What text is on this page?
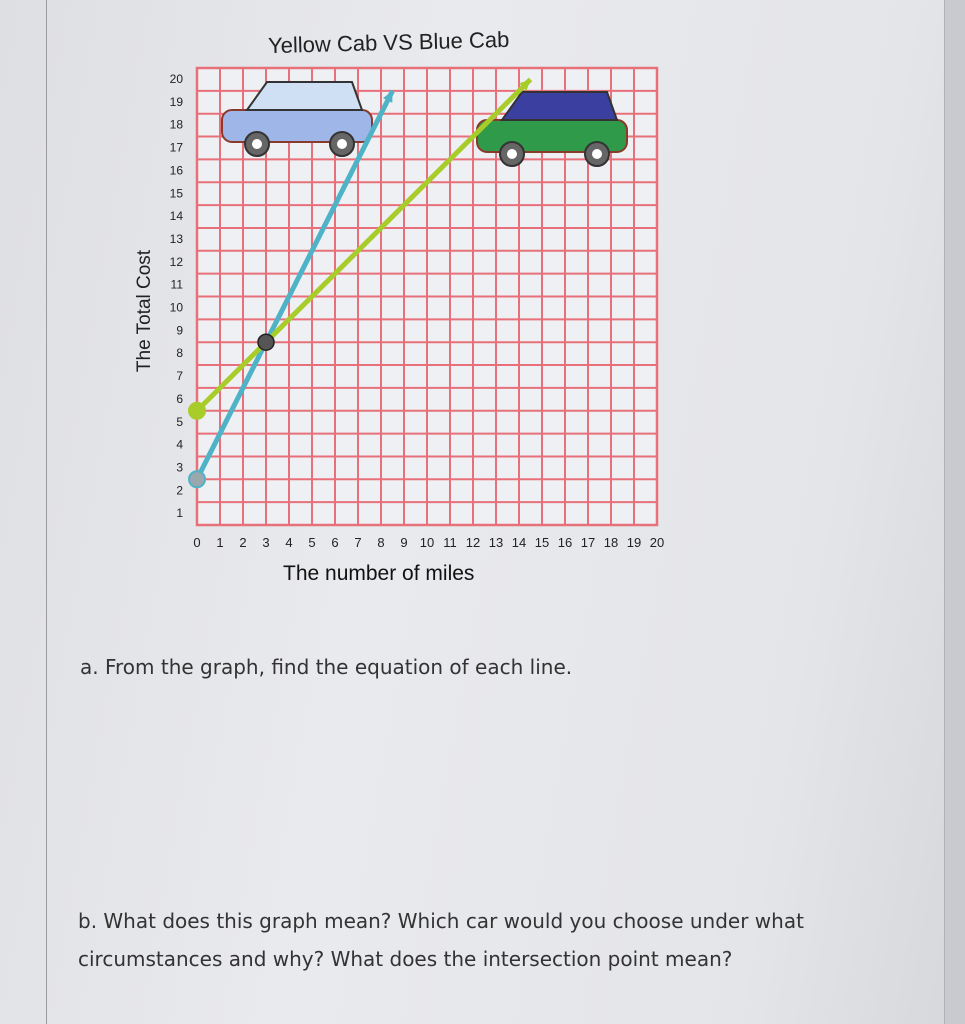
Yellow Cab VS Blue Cab
The Total Cost
The number of miles
0 1 2 3 4 5 6 7 8 9 10 11 12 13 14 15 16 17 18 19 20
1
2
3
4
5
6
7
8
9
10
11
12
13
14
15
16
17
18
19
20
a. From the graph, find the equation of each line.
b. What does this graph mean? Which car would you choose under what circumstances and why? What does the intersection point mean?
